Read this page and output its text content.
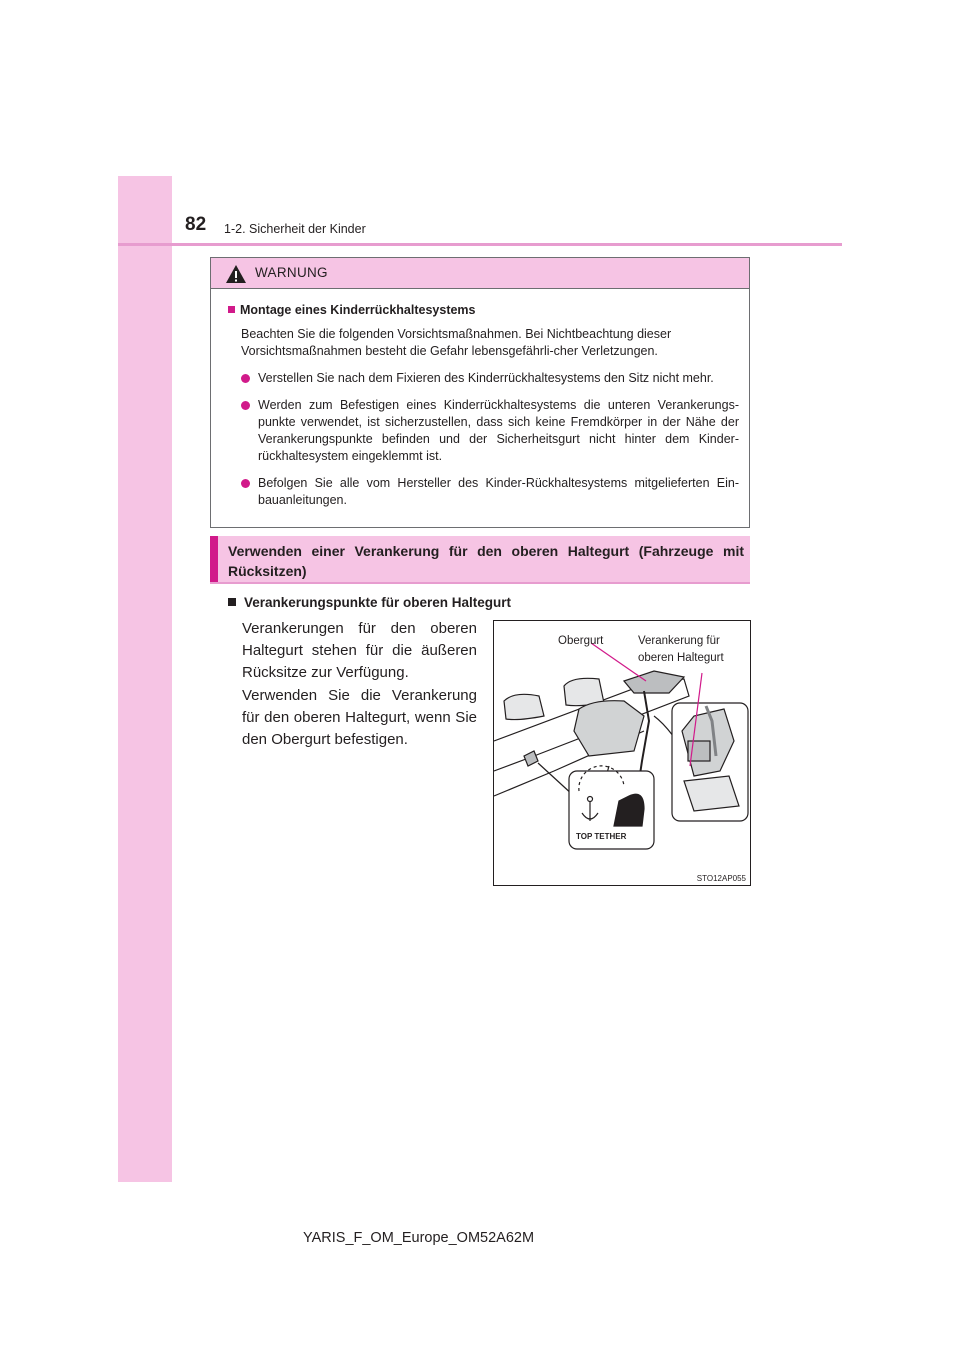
82 1-2. Sicherheit der Kinder
WARNUNG
Montage eines Kinderrückhaltesystems
Beachten Sie die folgenden Vorsichtsmaßnahmen. Bei Nichtbeachtung dieser Vorsichtsmaßnahmen besteht die Gefahr lebensgefährli-cher Verletzungen.
Verstellen Sie nach dem Fixieren des Kinderrückhaltesystems den Sitz nicht mehr.
Werden zum Befestigen eines Kinderrückhaltesystems die unteren Verankerungs-punkte verwendet, ist sicherzustellen, dass sich keine Fremdkörper in der Nähe der Verankerungspunkte befinden und der Sicherheitsgurt nicht hinter dem Kinder-rückhaltesystem eingeklemmt ist.
Befolgen Sie alle vom Hersteller des Kinder-Rückhaltesystems mitgelieferten Ein-bauanleitungen.
Verwenden einer Verankerung für den oberen Haltegurt (Fahrzeuge mit Rücksitzen)
Verankerungspunkte für oberen Haltegurt
Verankerungen für den oberen Haltegurt stehen für die äußeren Rücksitze zur Verfügung.
Verwenden Sie die Verankerung für den oberen Haltegurt, wenn Sie den Obergurt befestigen.
Obergurt	Verankerung für
oberen Haltegurt
TOP TETHER
STO12AP055
YARIS_F_OM_Europe_OM52A62M
